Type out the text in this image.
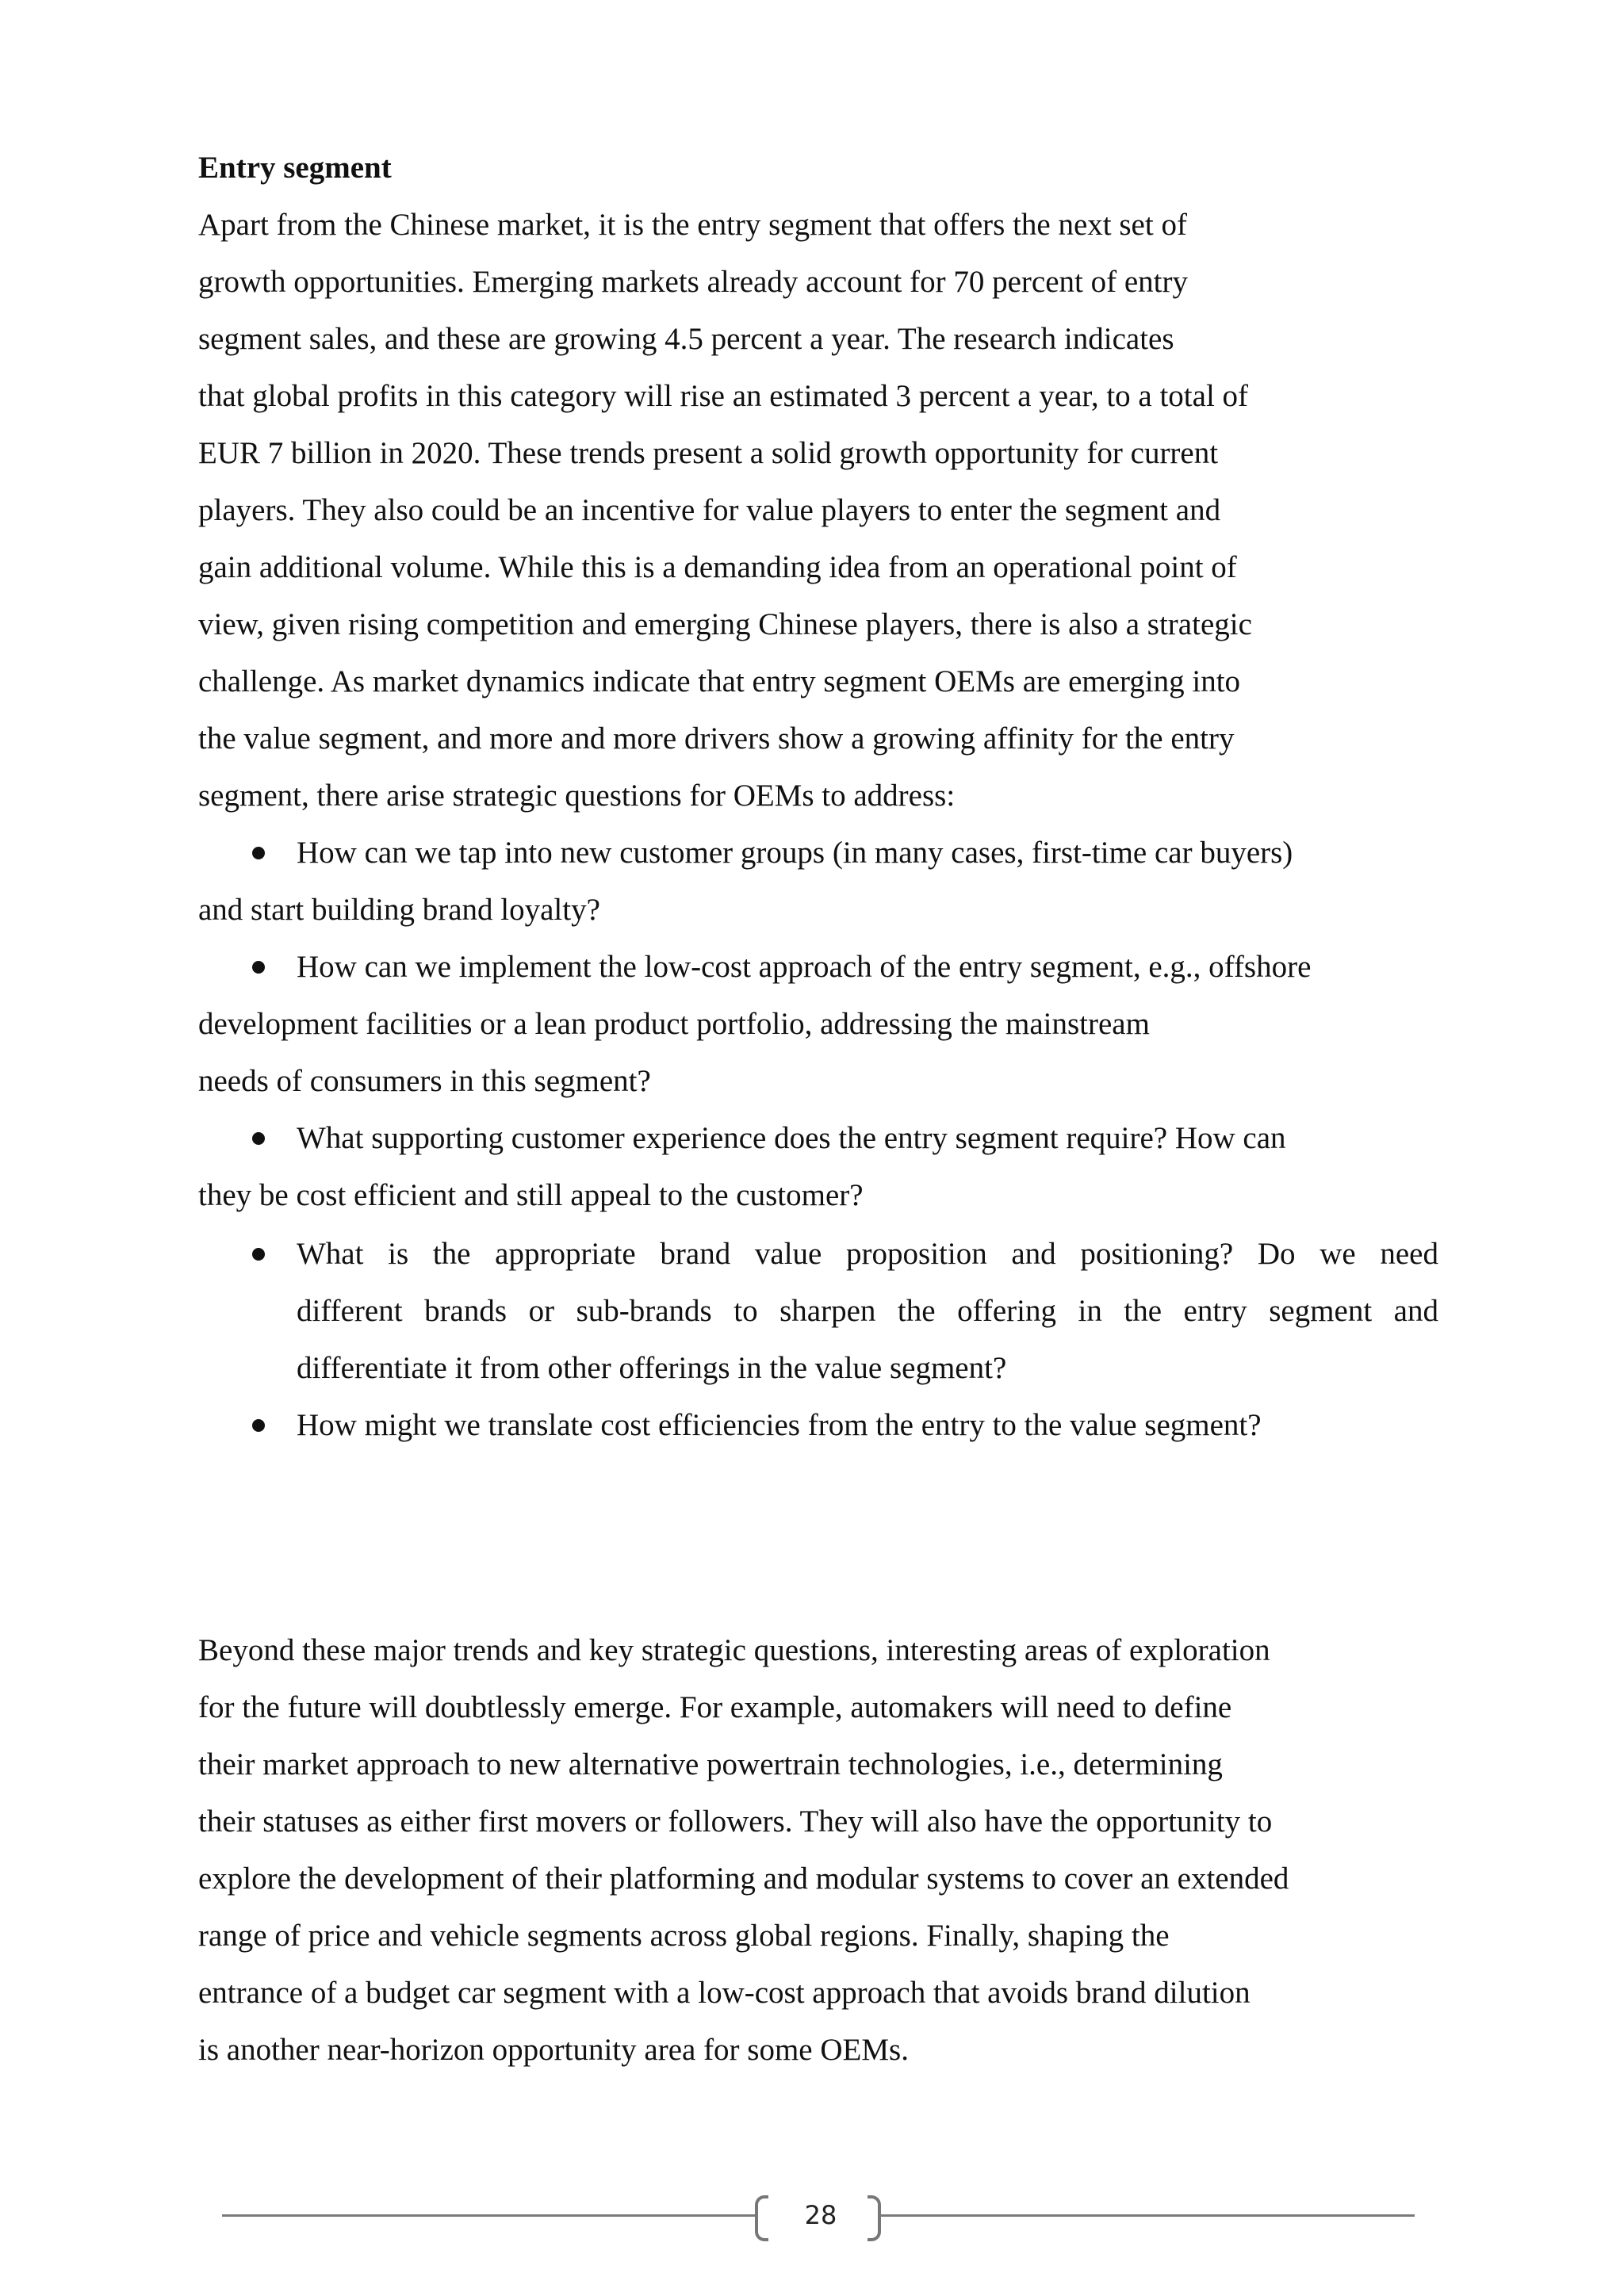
Entry segment
Apart from the Chinese market, it is the entry segment that offers the next set of
growth opportunities. Emerging markets already account for 70 percent of entry
segment sales, and these are growing 4.5 percent a year. The research indicates
that global profits in this category will rise an estimated 3 percent a year, to a total of
EUR 7 billion in 2020. These trends present a solid growth opportunity for current
players. They also could be an incentive for value players to enter the segment and
gain additional volume. While this is a demanding idea from an operational point of
view, given rising competition and emerging Chinese players, there is also a strategic
challenge. As market dynamics indicate that entry segment OEMs are emerging into
the value segment, and more and more drivers show a growing affinity for the entry
segment, there arise strategic questions for OEMs to address:
How can we tap into new customer groups (in many cases, first-time car buyers)
and start building brand loyalty?
How can we implement the low-cost approach of the entry segment, e.g., offshore
development facilities or a lean product portfolio, addressing the mainstream
needs of consumers in this segment?
What supporting customer experience does the entry segment require? How can
they be cost efficient and still appeal to the customer?
What is the appropriate brand value proposition and positioning? Do we need
different brands or sub-brands to sharpen the offering in the entry segment and
differentiate it from other offerings in the value segment?
How might we translate cost efficiencies from the entry to the value segment?
Beyond these major trends and key strategic questions, interesting areas of exploration
for the future will doubtlessly emerge. For example, automakers will need to define
their market approach to new alternative powertrain technologies, i.e., determining
their statuses as either first movers or followers. They will also have the opportunity to
explore the development of their platforming and modular systems to cover an extended
range of price and vehicle segments across global regions. Finally, shaping the
entrance of a budget car segment with a low-cost approach that avoids brand dilution
is another near-horizon opportunity area for some OEMs.
28
